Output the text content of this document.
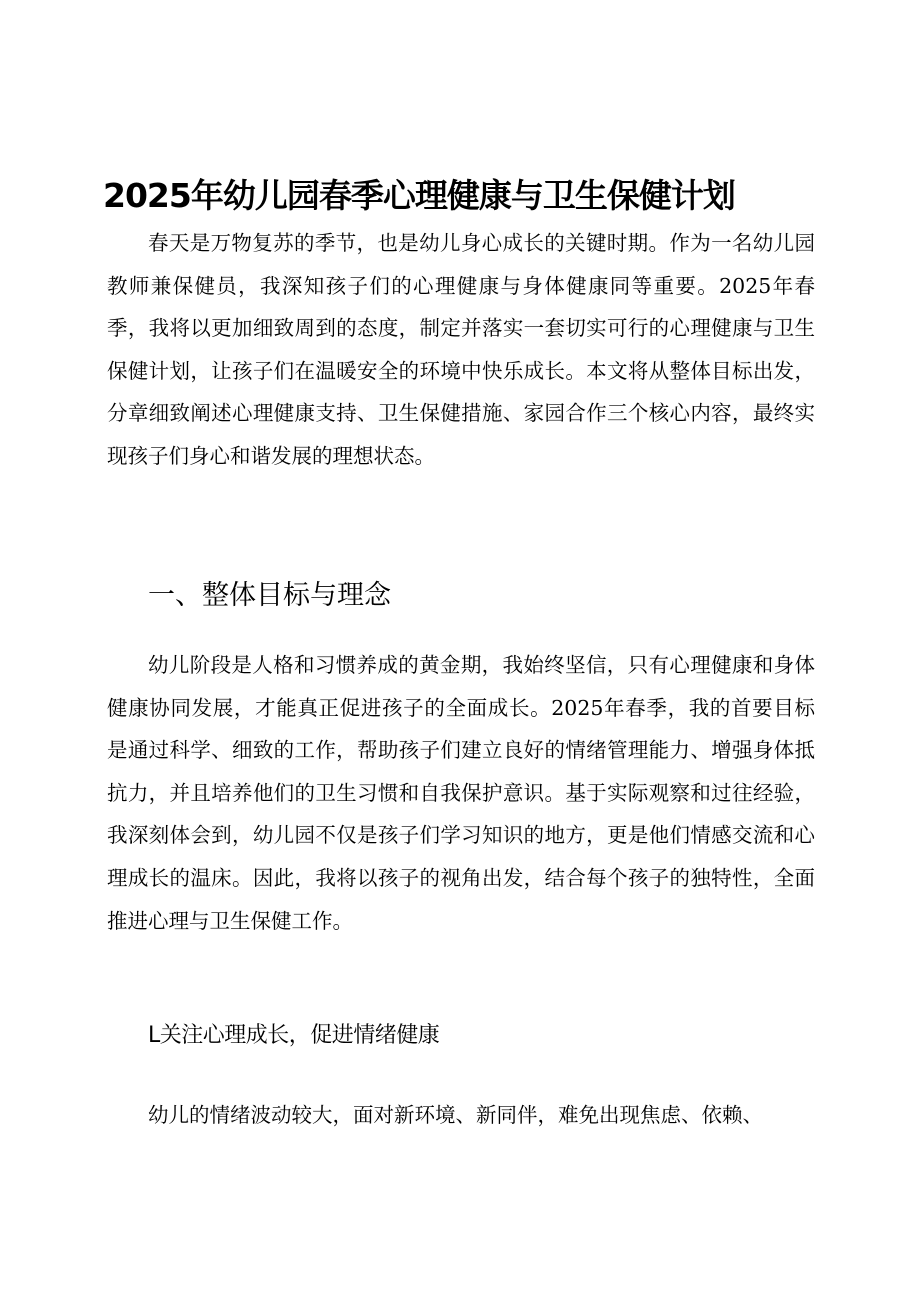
2025年幼儿园春季心理健康与卫生保健计划

春天是万物复苏的季节，也是幼儿身心成长的关键时期。作为一名幼儿园教师兼保健员，我深知孩子们的心理健康与身体健康同等重要。2025年春季，我将以更加细致周到的态度，制定并落实一套切实可行的心理健康与卫生保健计划，让孩子们在温暖安全的环境中快乐成长。本文将从整体目标出发，分章细致阐述心理健康支持、卫生保健措施、家园合作三个核心内容，最终实现孩子们身心和谐发展的理想状态。

一、整体目标与理念

幼儿阶段是人格和习惯养成的黄金期，我始终坚信，只有心理健康和身体健康协同发展，才能真正促进孩子的全面成长。2025年春季，我的首要目标是通过科学、细致的工作，帮助孩子们建立良好的情绪管理能力、增强身体抵抗力，并且培养他们的卫生习惯和自我保护意识。基于实际观察和过往经验，我深刻体会到，幼儿园不仅是孩子们学习知识的地方，更是他们情感交流和心理成长的温床。因此，我将以孩子的视角出发，结合每个孩子的独特性，全面推进心理与卫生保健工作。

L关注心理成长，促进情绪健康

幼儿的情绪波动较大，面对新环境、新同伴，难免出现焦虑、依赖、
